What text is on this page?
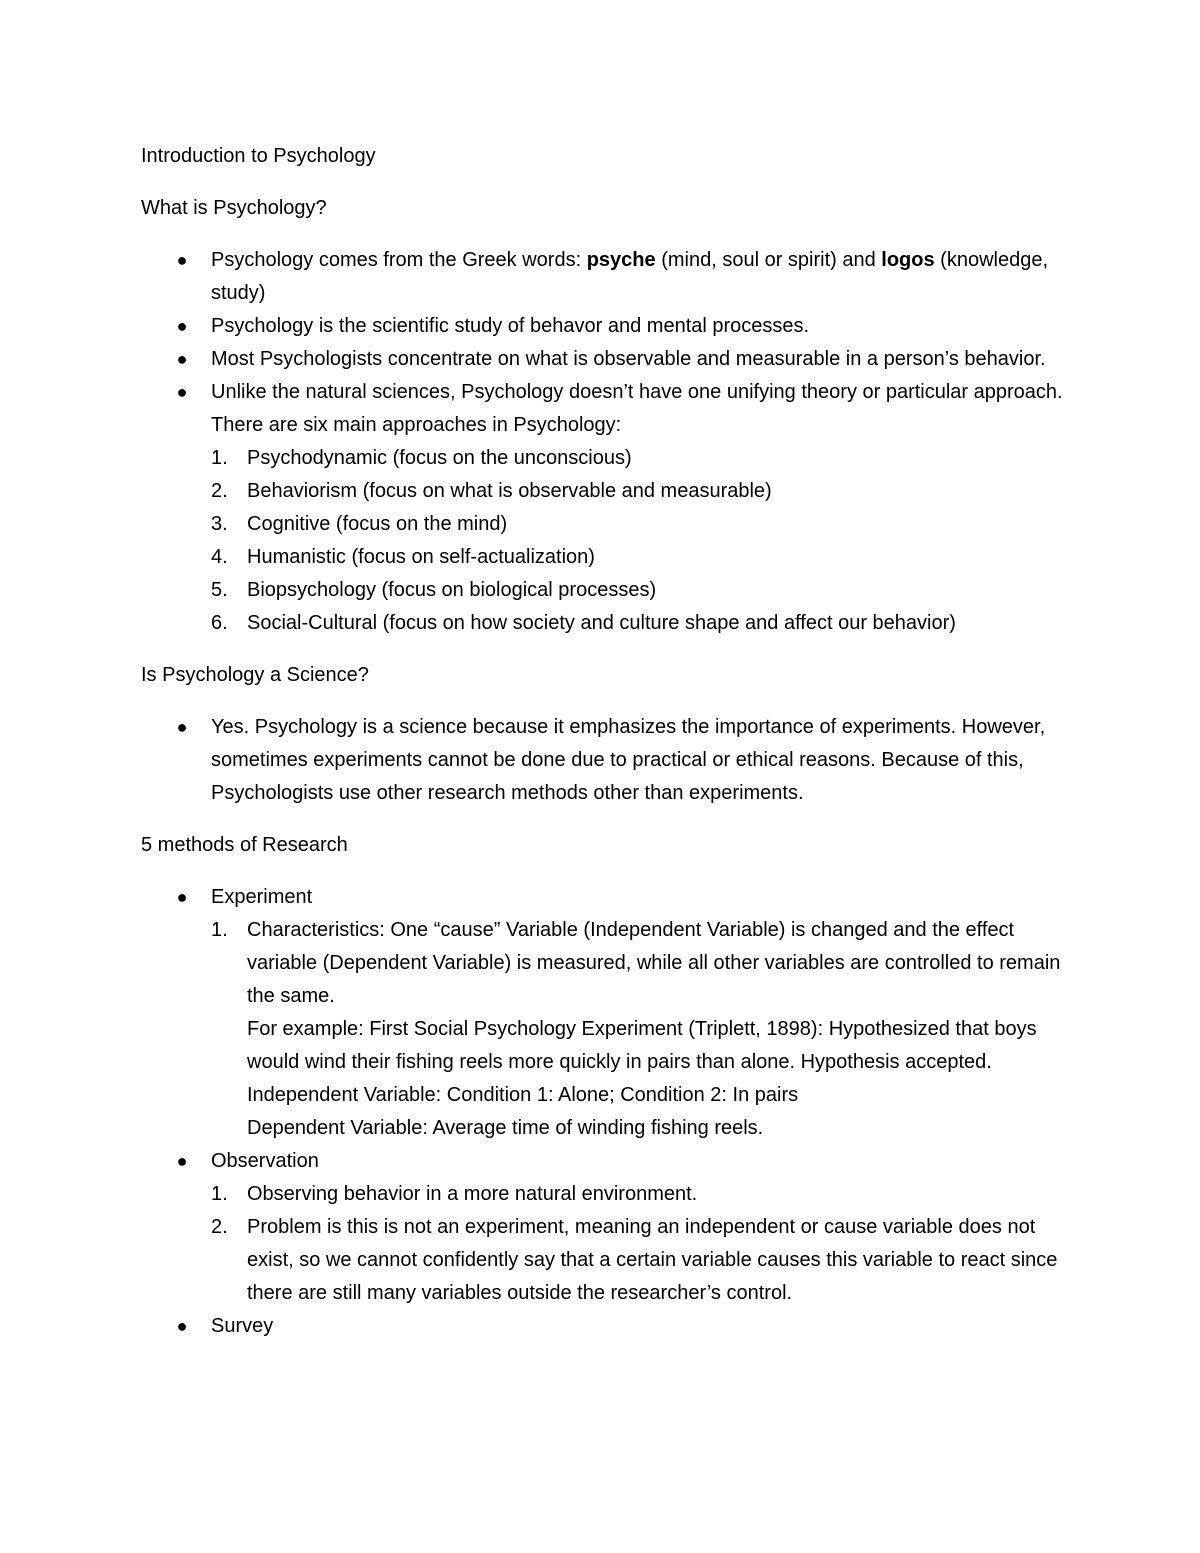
Introduction to Psychology

What is Psychology?

● Psychology comes from the Greek words: psyche (mind, soul or spirit) and logos (knowledge, study)
● Psychology is the scientific study of behavor and mental processes.
● Most Psychologists concentrate on what is observable and measurable in a person’s behavior.
● Unlike the natural sciences, Psychology doesn’t have one unifying theory or particular approach. There are six main approaches in Psychology:
1. Psychodynamic (focus on the unconscious)
2. Behaviorism (focus on what is observable and measurable)
3. Cognitive (focus on the mind)
4. Humanistic (focus on self-actualization)
5. Biopsychology (focus on biological processes)
6. Social-Cultural (focus on how society and culture shape and affect our behavior)

Is Psychology a Science?

● Yes. Psychology is a science because it emphasizes the importance of experiments. However, sometimes experiments cannot be done due to practical or ethical reasons. Because of this, Psychologists use other research methods other than experiments.

5 methods of Research

● Experiment
1. Characteristics: One “cause” Variable (Independent Variable) is changed and the effect variable (Dependent Variable) is measured, while all other variables are controlled to remain the same.
For example: First Social Psychology Experiment (Triplett, 1898): Hypothesized that boys would wind their fishing reels more quickly in pairs than alone. Hypothesis accepted.
Independent Variable: Condition 1: Alone; Condition 2: In pairs
Dependent Variable: Average time of winding fishing reels.
● Observation
1. Observing behavior in a more natural environment.
2. Problem is this is not an experiment, meaning an independent or cause variable does not exist, so we cannot confidently say that a certain variable causes this variable to react since there are still many variables outside the researcher’s control.
● Survey
